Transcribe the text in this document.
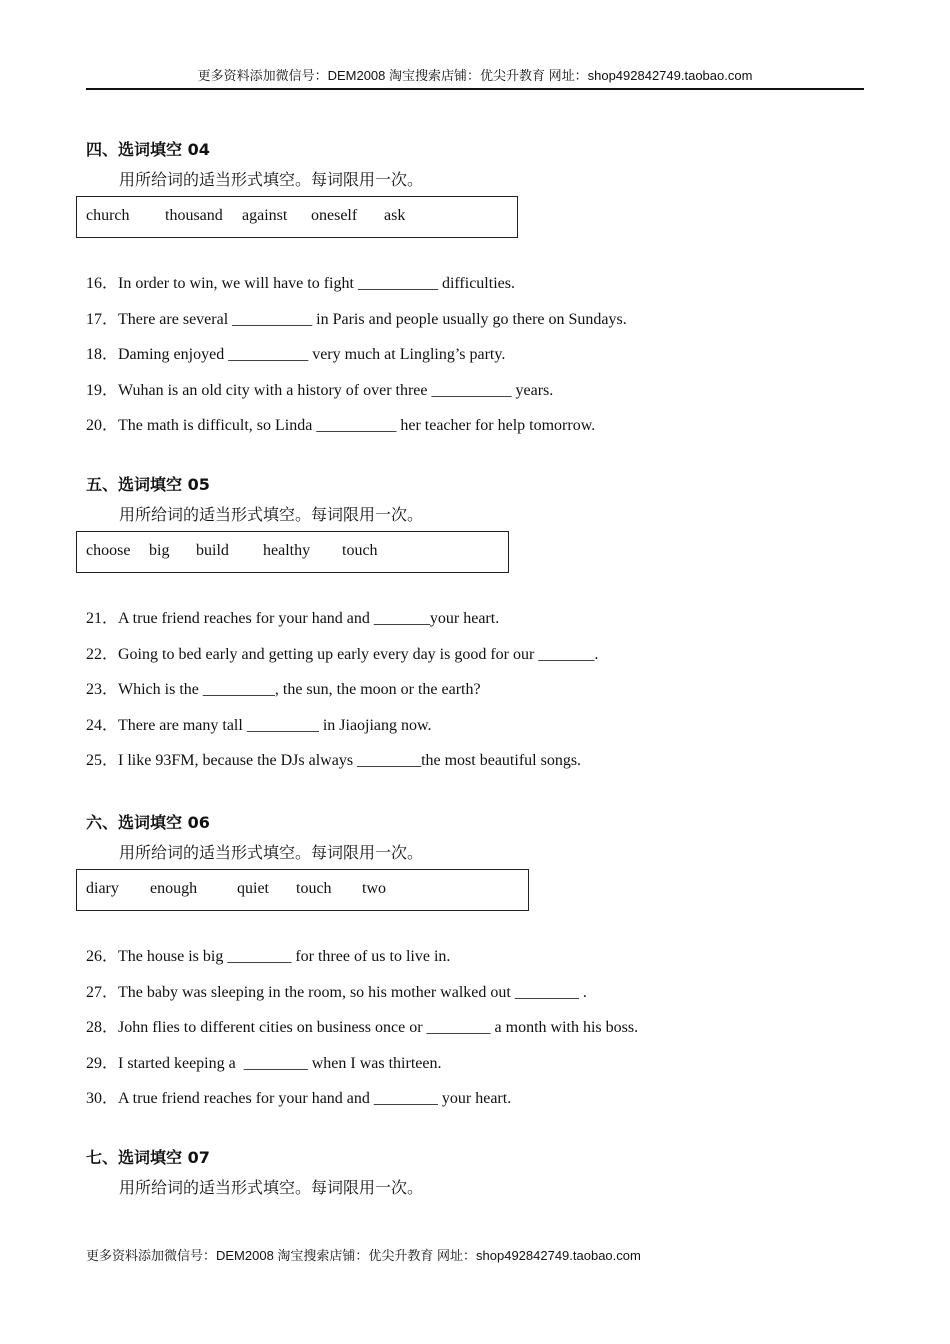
更多资料添加微信号：DEM2008 淘宝搜索店铺：优尖升教育 网址：shop492842749.taobao.com
四、选词填空 04
用所给词的适当形式填空。每词限用一次。
church thousand against oneself ask
16．In order to win, we will have to fight __________ difficulties.
17．There are several __________ in Paris and people usually go there on Sundays.
18．Daming enjoyed __________ very much at Lingling’s party.
19．Wuhan is an old city with a history of over three __________ years.
20．The math is difficult, so Linda __________ her teacher for help tomorrow.
五、选词填空 05
用所给词的适当形式填空。每词限用一次。
choose big build healthy touch
21．A true friend reaches for your hand and _______your heart.
22．Going to bed early and getting up early every day is good for our _______.
23．Which is the _________, the sun, the moon or the earth?
24．There are many tall _________ in Jiaojiang now.
25．I like 93FM, because the DJs always ________the most beautiful songs.
六、选词填空 06
用所给词的适当形式填空。每词限用一次。
diary enough quiet touch two
26．The house is big ________ for three of us to live in.
27．The baby was sleeping in the room, so his mother walked out ________ .
28．John flies to different cities on business once or ________ a month with his boss.
29．I started keeping a  ________ when I was thirteen.
30．A true friend reaches for your hand and ________ your heart.
七、选词填空 07
用所给词的适当形式填空。每词限用一次。
更多资料添加微信号：DEM2008 淘宝搜索店铺：优尖升教育 网址：shop492842749.taobao.com
